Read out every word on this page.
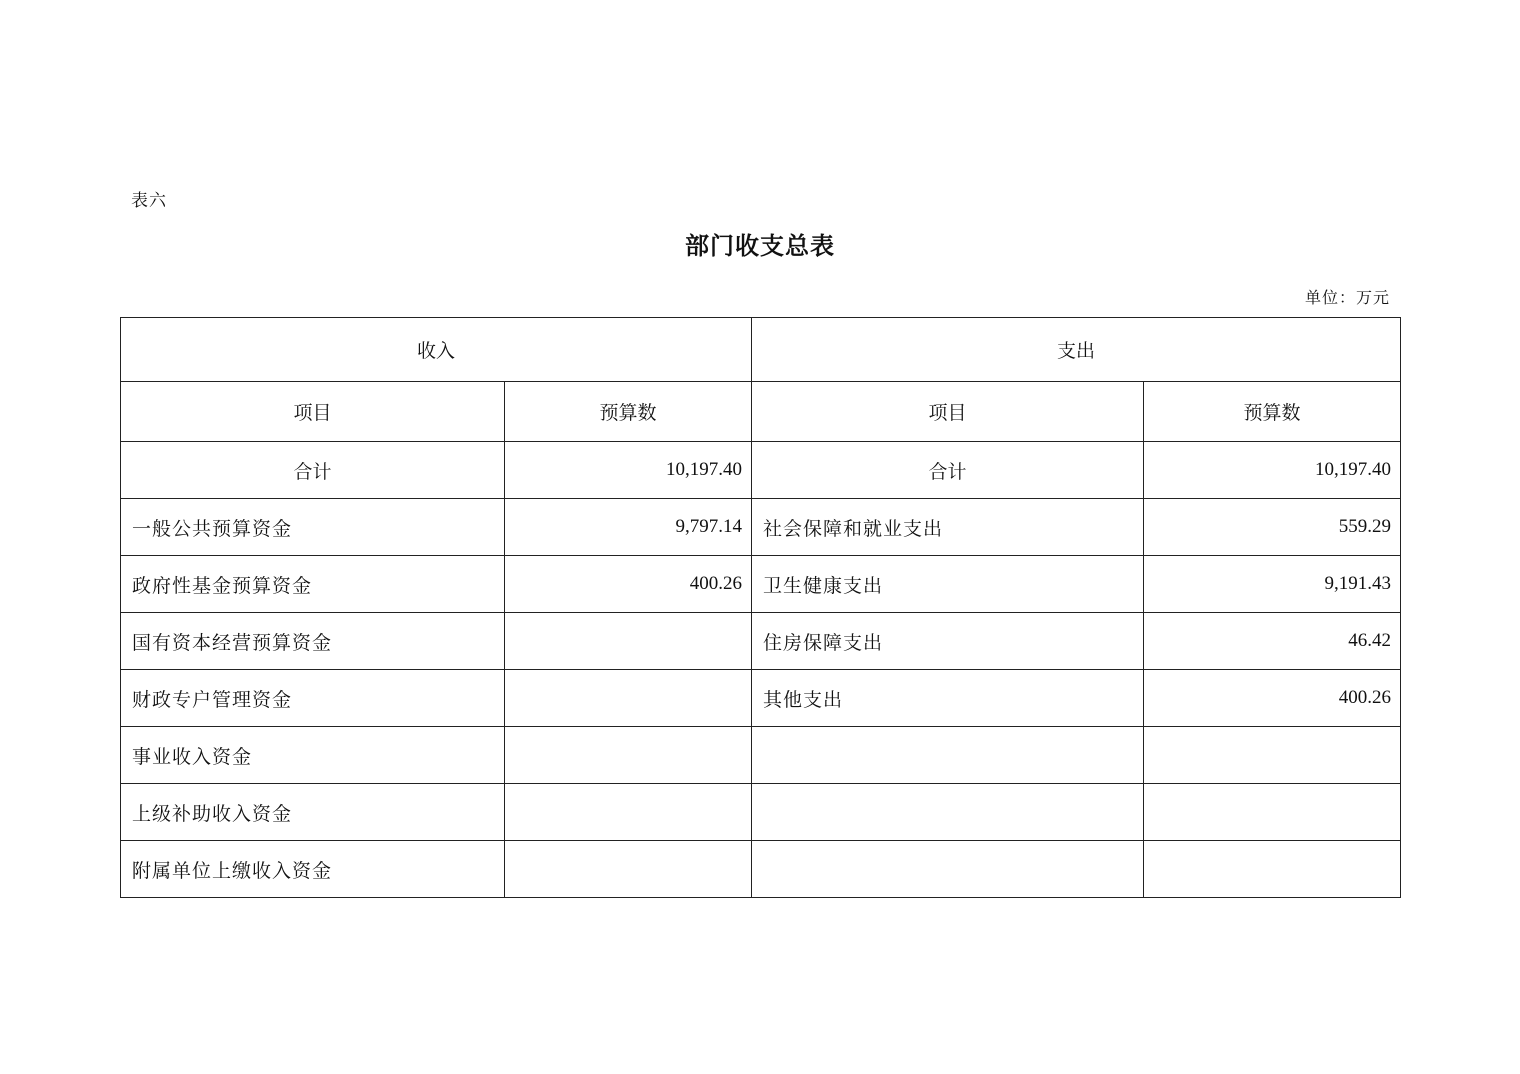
表六
部门收支总表
单位：万元
收入		支出	
项目	预算数	项目	预算数
合计	10,197.40	合计	10,197.40
一般公共预算资金	9,797.14	社会保障和就业支出	559.29
政府性基金预算资金	400.26	卫生健康支出	9,191.43
国有资本经营预算资金		住房保障支出	46.42
财政专户管理资金		其他支出	400.26
事业收入资金			
上级补助收入资金			
附属单位上缴收入资金			
